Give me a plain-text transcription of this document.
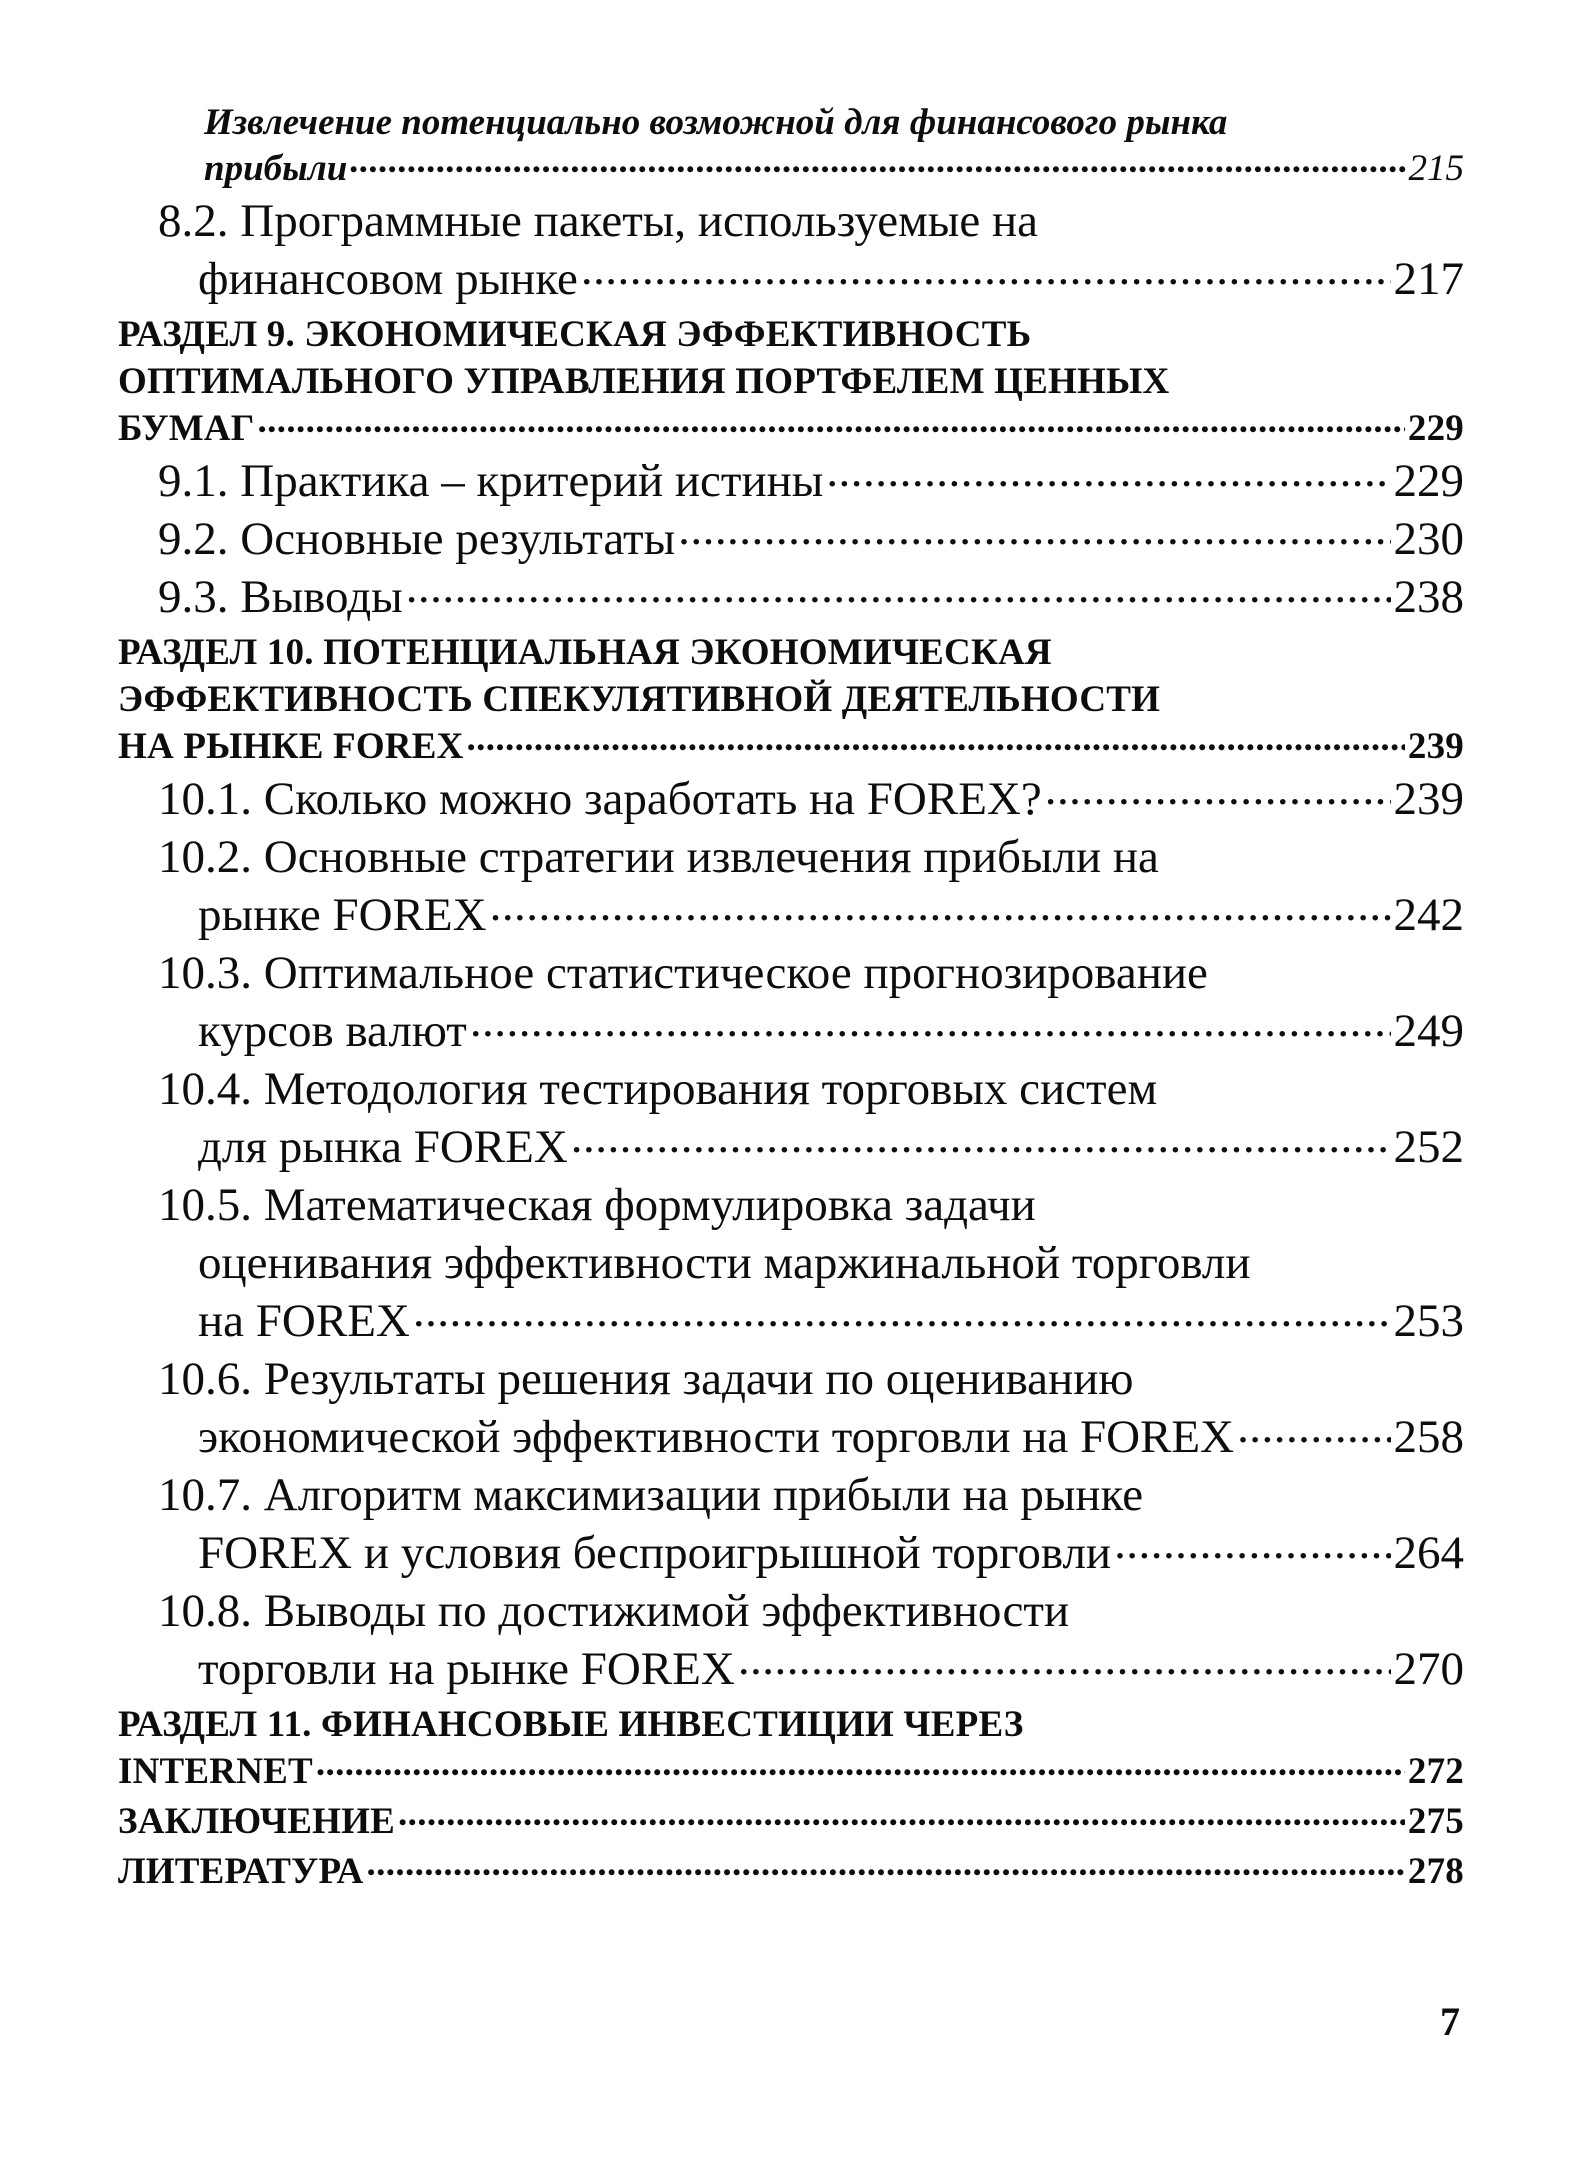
Извлечение потенциально возможной для финансового рынка
прибыли . . .	215
8.2. Программные пакеты, используемые на
финансовом рынке . . .	217
РАЗДЕЛ 9. ЭКОНОМИЧЕСКАЯ ЭФФЕКТИВНОСТЬ
ОПТИМАЛЬНОГО УПРАВЛЕНИЯ ПОРТФЕЛЕМ ЦЕННЫХ
БУМАГ . . .	229
9.1. Практика – критерий истины . . .	229
9.2. Основные результаты . . .	230
9.3. Выводы . . .	238
РАЗДЕЛ 10. ПОТЕНЦИАЛЬНАЯ ЭКОНОМИЧЕСКАЯ
ЭФФЕКТИВНОСТЬ СПЕКУЛЯТИВНОЙ ДЕЯТЕЛЬНОСТИ
НА РЫНКЕ FOREX . . .	239
10.1. Сколько можно заработать на FOREX? . . .	239
10.2. Основные стратегии извлечения прибыли на
рынке FOREX . . .	242
10.3. Оптимальное статистическое прогнозирование
курсов валют . . .	249
10.4. Методология тестирования торговых систем
для рынка FOREX . . .	252
10.5. Математическая формулировка задачи
оценивания эффективности маржинальной торговли
на FOREX . . .	253
10.6. Результаты решения задачи по оцениванию
экономической эффективности торговли на FOREX . . .	258
10.7. Алгоритм максимизации прибыли на рынке
FOREX и условия беспроигрышной торговли . . .	264
10.8. Выводы по достижимой эффективности
торговли на рынке FOREX . . .	270
РАЗДЕЛ 11. ФИНАНСОВЫЕ ИНВЕСТИЦИИ ЧЕРЕЗ
INTERNET . . .	272
ЗАКЛЮЧЕНИЕ . . .	275
ЛИТЕРАТУРА . . .	278
7
